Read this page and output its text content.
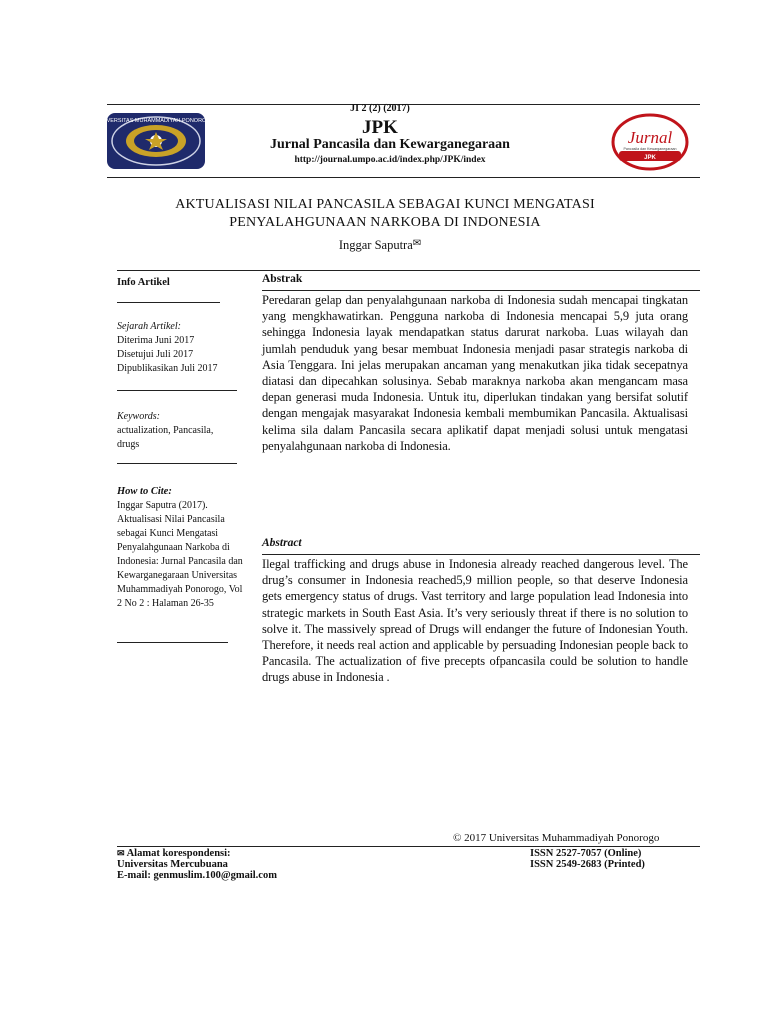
UNIVERSITAS MUHAMMADIYAH PONOROGO
JI 2 (2) (2017)
JPK
Jurnal Pancasila dan Kewarganegaraan
http://journal.umpo.ac.id/index.php/JPK/index
Jurnal
Pancasila dan Kewarganegaraan
JPK
AKTUALISASI NILAI PANCASILA SEBAGAI KUNCI MENGATASI
PENYALAHGUNAAN NARKOBA DI INDONESIA
Inggar Saputra✉
Info Artikel
Sejarah Artikel:
Diterima Juni 2017
Disetujui Juli 2017
Dipublikasikan Juli 2017
Keywords:
actualization, Pancasila, drugs
How to Cite:
Inggar Saputra (2017). Aktualisasi Nilai Pancasila sebagai Kunci Mengatasi Penyalahgunaan Narkoba di Indonesia: Jurnal Pancasila dan Kewarganegaraan Universitas Muhammadiyah Ponorogo, Vol 2 No 2 : Halaman 26-35
Abstrak
Peredaran gelap dan penyalahgunaan narkoba di Indonesia sudah mencapai tingkatan yang mengkhawatirkan. Pengguna narkoba di Indonesia mencapai 5,9 juta orang sehingga Indonesia layak mendapatkan status darurat narkoba. Luas wilayah dan jumlah penduduk yang besar membuat Indonesia menjadi pasar strategis narkoba di Asia Tenggara. Ini jelas merupakan ancaman yang menakutkan jika tidak secepatnya diatasi dan dipecahkan solusinya. Sebab maraknya narkoba akan mengancam masa depan generasi muda Indonesia. Untuk itu, diperlukan tindakan yang bersifat solutif dengan mengajak masyarakat Indonesia kembali membumikan Pancasila. Aktualisasi kelima sila dalam Pancasila secara aplikatif dapat menjadi solusi untuk mengatasi penyalahgunaan narkoba di Indonesia.
Abstract
Ilegal trafficking and drugs abuse in Indonesia already reached dangerous level. The drug’s consumer in Indonesia reached5,9 million people, so that deserve Indonesia gets emergency status of drugs. Vast territory and large population lead Indonesia into strategic markets in South East Asia. It’s very seriously threat if there is no solution to solve it. The massively spread of Drugs will endanger the future of Indonesian Youth. Therefore, it needs real action and applicable by persuading Indonesian people back to Pancasila. The actualization of five precepts ofpancasila could be solution to handle drugs abuse in Indonesia .
© 2017 Universitas Muhammadiyah Ponorogo
✉ Alamat korespondensi:
Universitas Mercubuana
E-mail: genmuslim.100@gmail.com
ISSN 2527-7057 (Online)
ISSN 2549-2683 (Printed)
